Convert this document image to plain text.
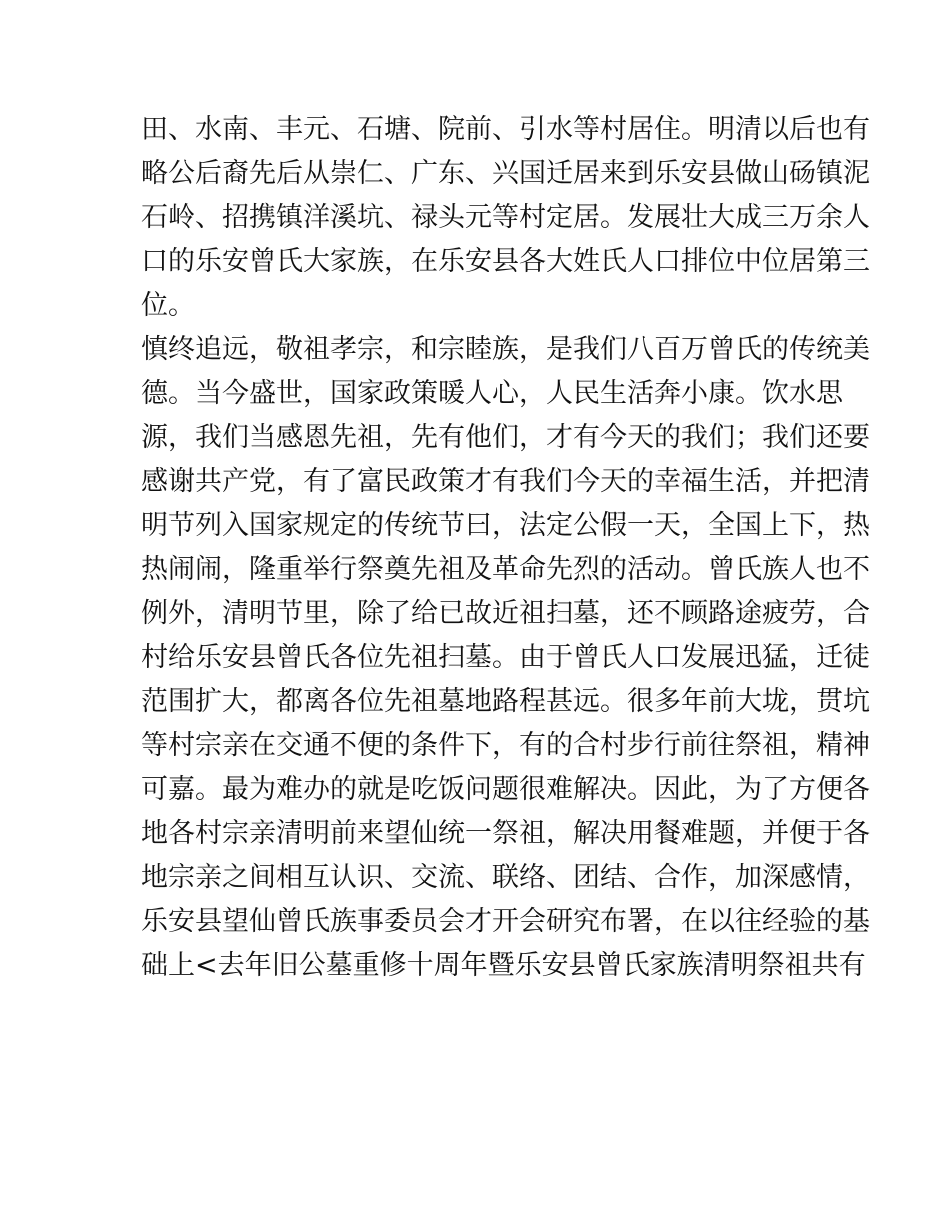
田、水南、丰元、石塘、院前、引水等村居住。明清以后也有
略公后裔先后从崇仁、广东、兴国迁居来到乐安县做山砀镇泥
石岭、招携镇洋溪坑、禄头元等村定居。发展壮大成三万余人
口的乐安曾氏大家族，在乐安县各大姓氏人口排位中位居第三
位。
慎终追远，敬祖孝宗，和宗睦族，是我们八百万曾氏的传统美
德。当今盛世，国家政策暖人心，人民生活奔小康。饮水思
源，我们当感恩先祖，先有他们，才有今天的我们；我们还要
感谢共产党，有了富民政策才有我们今天的幸福生活，并把清
明节列入国家规定的传统节曰，法定公假一天，全国上下，热
热闹闹，隆重举行祭奠先祖及革命先烈的活动。曾氏族人也不
例外，清明节里，除了给已故近祖扫墓，还不顾路途疲劳，合
村给乐安县曾氏各位先祖扫墓。由于曾氏人口发展迅猛，迁徒
范围扩大，都离各位先祖墓地路程甚远。很多年前大垅，贯坑
等村宗亲在交通不便的条件下，有的合村步行前往祭祖，精神
可嘉。最为难办的就是吃饭问题很难解决。因此，为了方便各
地各村宗亲清明前来望仙统一祭祖，解决用餐难题，并便于各
地宗亲之间相互认识、交流、联络、团结、合作，加深感情，
乐安县望仙曾氏族事委员会才开会研究布署，在以往经验的基
础上<去年旧公墓重修十周年暨乐安县曾氏家族清明祭祖共有
